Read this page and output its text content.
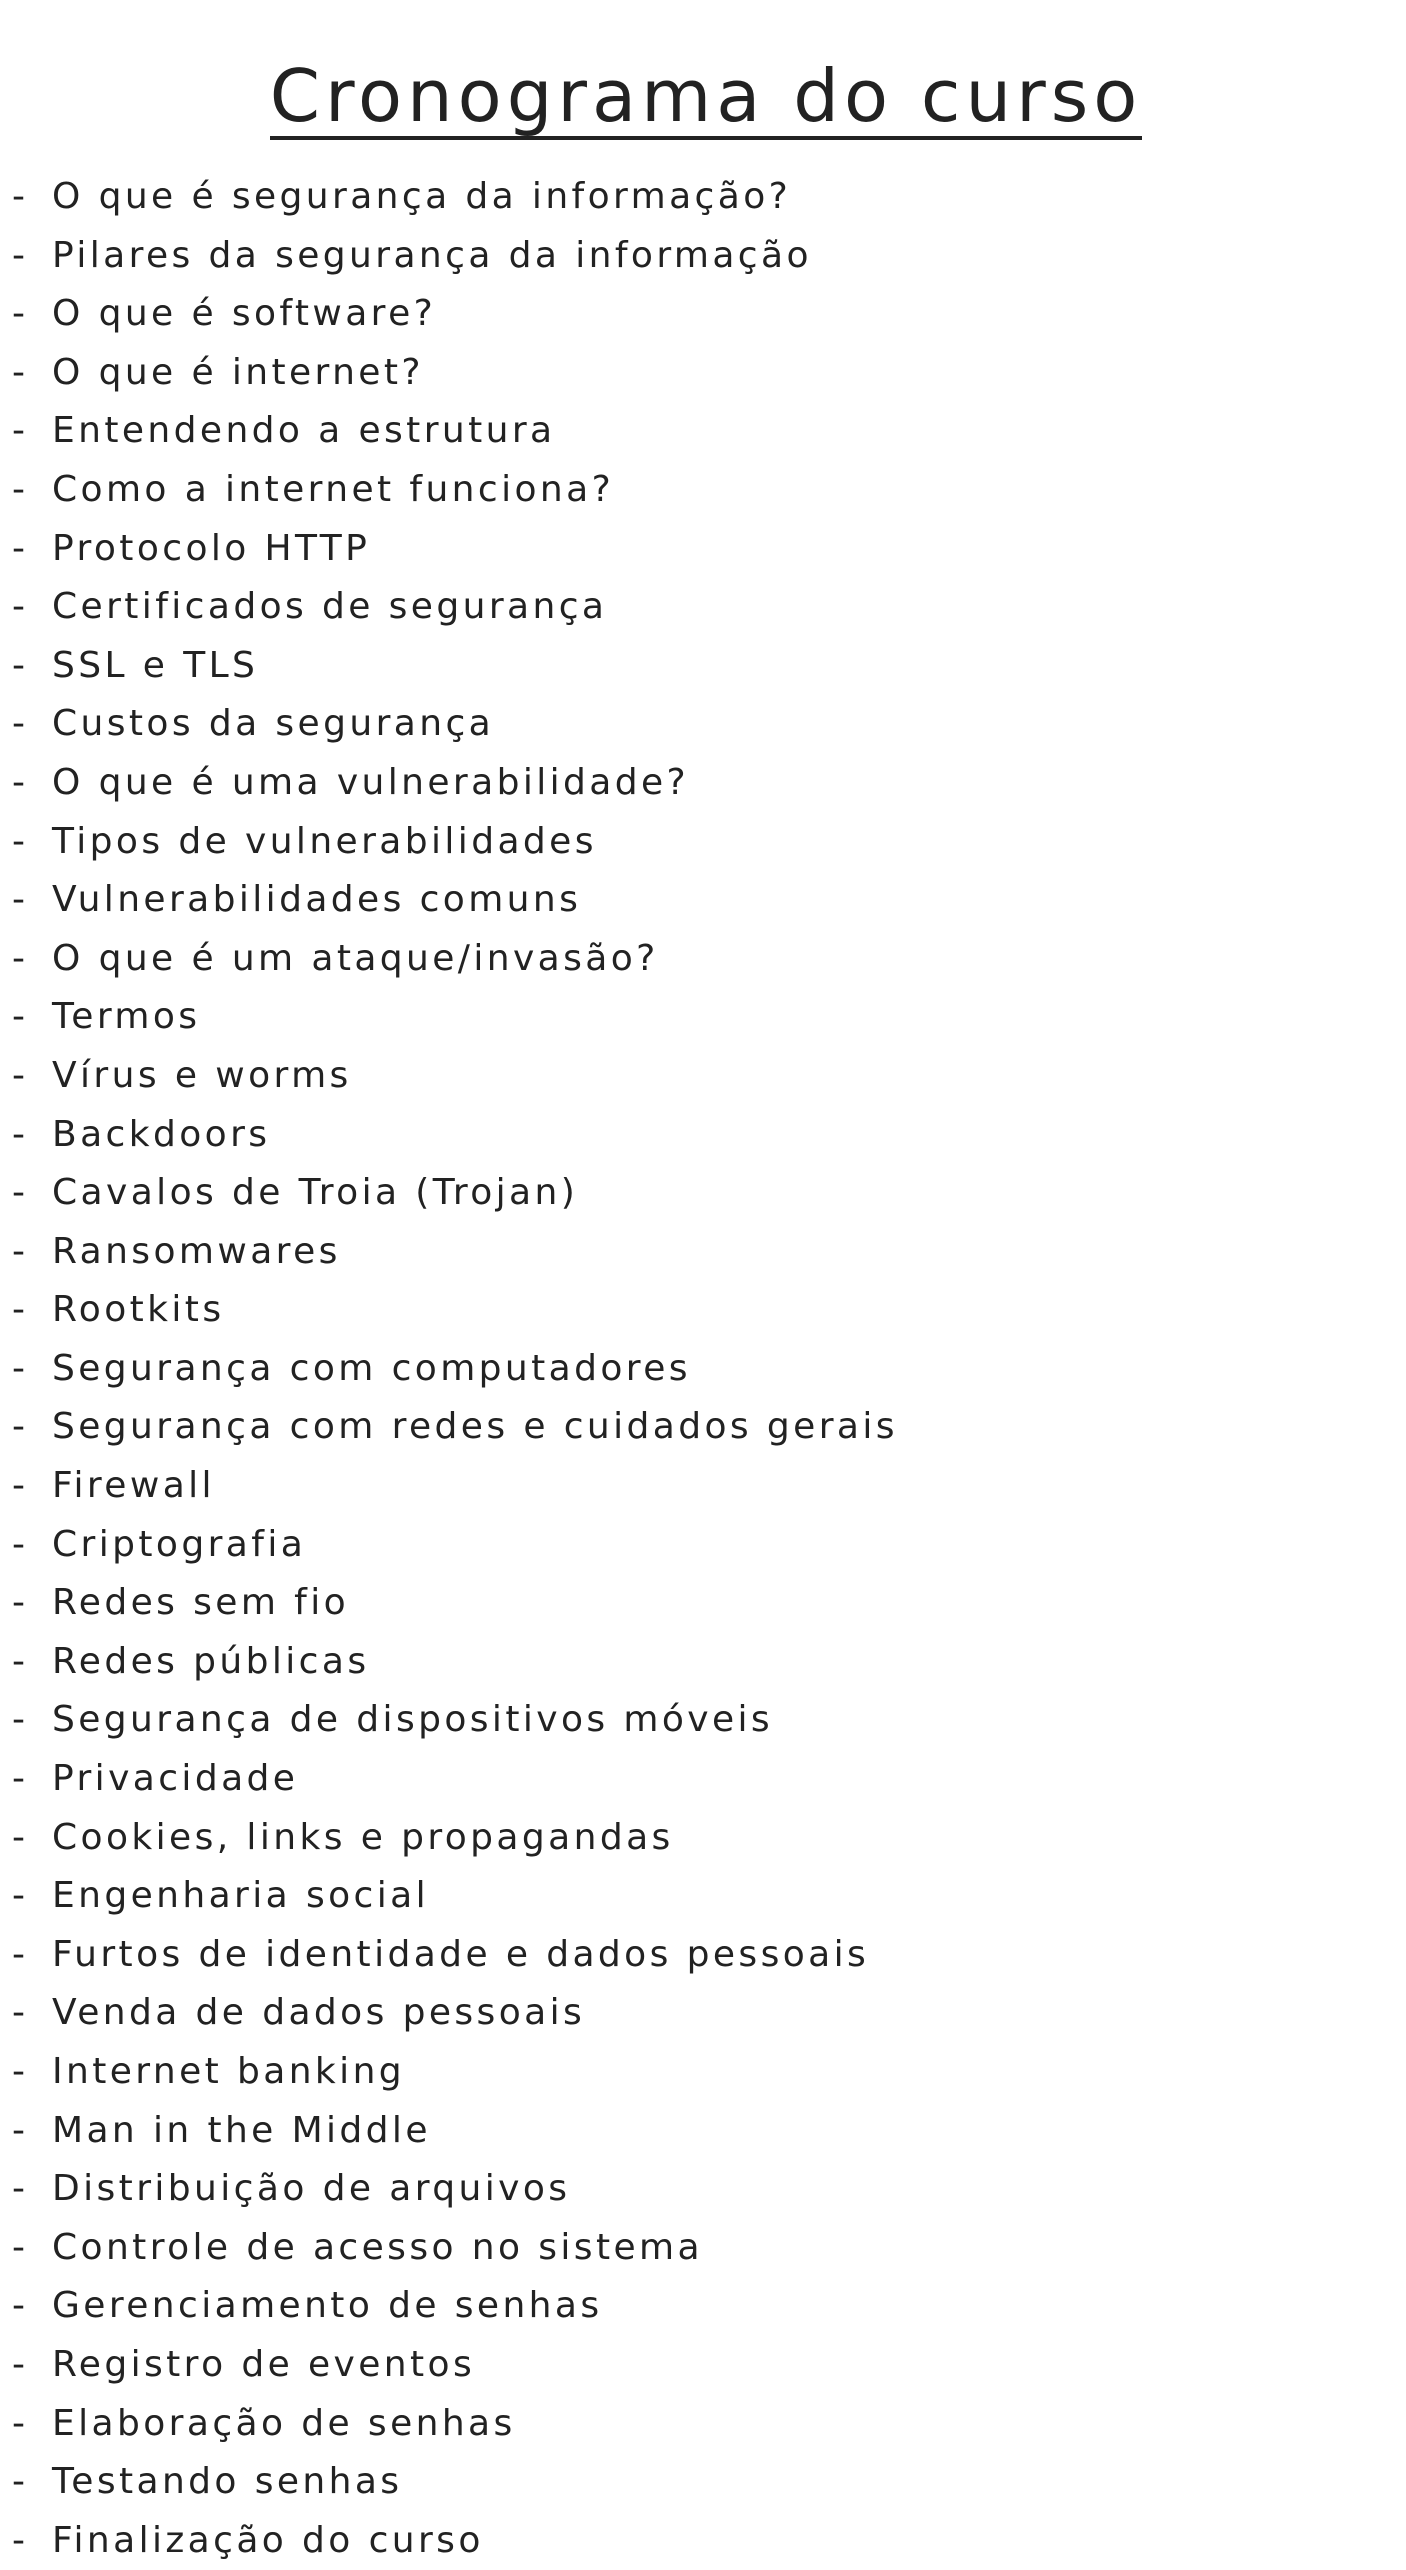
Cronograma do curso
- O que é segurança da informação?
- Pilares da segurança da informação
- O que é software?
- O que é internet?
- Entendendo a estrutura
- Como a internet funciona?
- Protocolo HTTP
- Certificados de segurança
- SSL e TLS
- Custos da segurança
- O que é uma vulnerabilidade?
- Tipos de vulnerabilidades
- Vulnerabilidades comuns
- O que é um ataque/invasão?
- Termos
- Vírus e worms
- Backdoors
- Cavalos de Troia (Trojan)
- Ransomwares
- Rootkits
- Segurança com computadores
- Segurança com redes e cuidados gerais
- Firewall
- Criptografia
- Redes sem fio
- Redes públicas
- Segurança de dispositivos móveis
- Privacidade
- Cookies, links e propagandas
- Engenharia social
- Furtos de identidade e dados pessoais
- Venda de dados pessoais
- Internet banking
- Man in the Middle
- Distribuição de arquivos
- Controle de acesso no sistema
- Gerenciamento de senhas
- Registro de eventos
- Elaboração de senhas
- Testando senhas
- Finalização do curso
